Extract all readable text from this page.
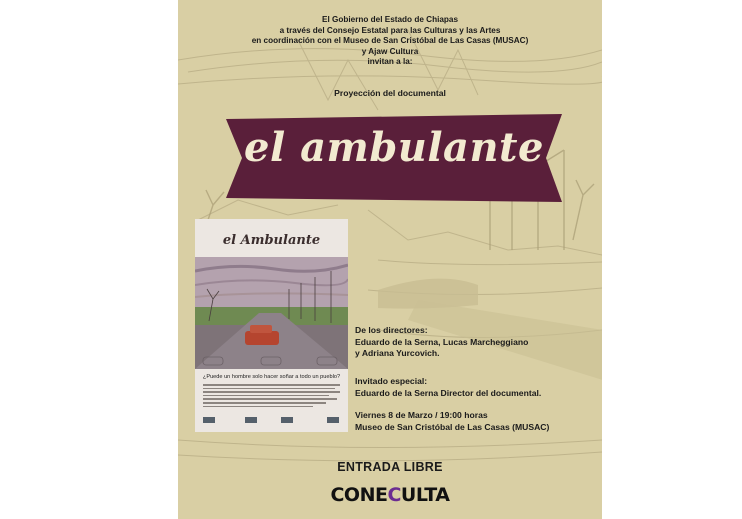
El Gobierno del Estado de Chiapas
a través del Consejo Estatal para las Culturas y las Artes
en coordinación con el Museo de San Cristóbal de Las Casas (MUSAC)
y Ajaw Cultura
invitan a la:
Proyección del documental
el ambulante
el Ambulante
¿Puede un hombre solo hacer soñar a todo un pueblo?
De los directores:
Eduardo de la Serna, Lucas Marcheggiano
y Adriana Yurcovich.
Invitado especial:
Eduardo de la Serna Director del documental.
Viernes 8 de Marzo / 19:00 horas
Museo de San Cristóbal de Las Casas (MUSAC)
ENTRADA LIBRE
CONECULTA
